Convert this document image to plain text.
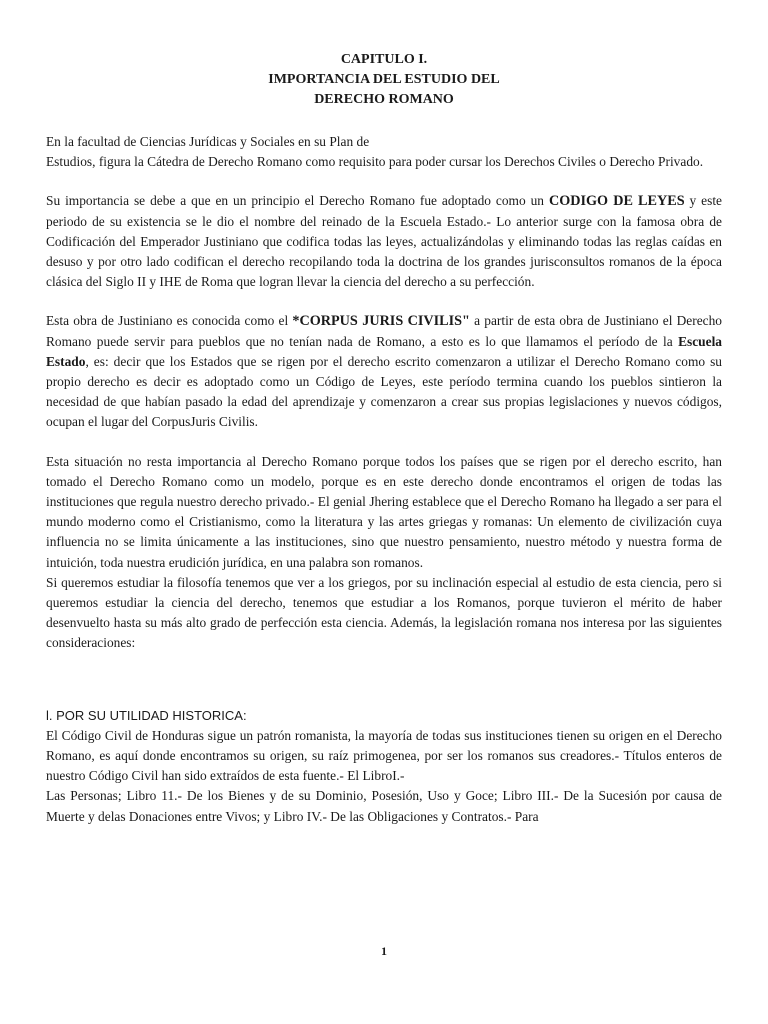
CAPITULO I.

IMPORTANCIA DEL ESTUDIO DEL

DERECHO ROMANO

En la facultad de Ciencias Jurídicas y Sociales en su Plan de

Estudios, figura la Cátedra de Derecho Romano como requisito para poder cursar los Derechos Civiles o Derecho Privado.

Su importancia se debe a que en un principio el Derecho Romano fue adoptado como un CODIGO DE LEYES y este periodo de su existencia se le dio el nombre del reinado de la Escuela Estado.- Lo anterior surge con la famosa obra de Codificación del Emperador Justiniano que codifica todas las leyes, actualizándolas y eliminando todas las reglas caídas en desuso y por otro lado codifican el derecho recopilando toda la doctrina de los grandes jurisconsultos romanos de la época clásica del Siglo II y IHE de Roma que logran llevar la ciencia del derecho a su perfección.

Esta obra de Justiniano es conocida como el *CORPUS JURIS CIVILIS" a partir de esta obra de Justiniano el Derecho Romano puede servir para pueblos que no tenían nada de Romano, a esto es lo que llamamos el período de la Escuela Estado, es: decir que los Estados que se rigen por el derecho escrito comenzaron a utilizar el Derecho Romano como su propio derecho es decir es adoptado como un Código de Leyes, este período termina cuando los pueblos sintieron la necesidad de que habían pasado la edad del aprendizaje y comenzaron a crear sus propias legislaciones y nuevos códigos, ocupan el lugar del CorpusJuris Civilis.

Esta situación no resta importancia al Derecho Romano porque todos los países que se rigen por el derecho escrito, han tomado el Derecho Romano como un modelo, porque es en este derecho donde encontramos el origen de todas las instituciones que regula nuestro derecho privado.- El genial Jhering establece que el Derecho Romano ha llegado a ser para el mundo moderno como el Cristianismo, como la literatura y las artes griegas y romanas: Un elemento de civilización cuya influencia no se limita únicamente a las instituciones, sino que nuestro pensamiento, nuestro método y nuestra forma de intuición, toda nuestra erudición jurídica, en una palabra son romanos.

Si queremos estudiar la filosofía tenemos que ver a los griegos, por su inclinación especial al estudio de esta ciencia, pero si queremos estudiar la ciencia del derecho, tenemos que estudiar a los Romanos, porque tuvieron el mérito de haber desenvuelto hasta su más alto grado de perfección esta ciencia. Además, la legislación romana nos interesa por las siguientes consideraciones:

l. POR SU UTILIDAD HISTORICA:

El Código Civil de Honduras sigue un patrón romanista, la mayoría de todas sus instituciones tienen su origen en el Derecho Romano, es aquí donde encontramos su origen, su raíz primogenea, por ser los romanos sus creadores.- Títulos enteros de nuestro Código Civil han sido extraídos de esta fuente.- El LibroI.-

Las Personas; Libro 11.- De los Bienes y de su Dominio, Posesión, Uso y Goce; Libro III.- De la Sucesión por causa de Muerte y delas Donaciones entre Vivos; y Libro IV.- De las Obligaciones y Contratos.- Para

1
